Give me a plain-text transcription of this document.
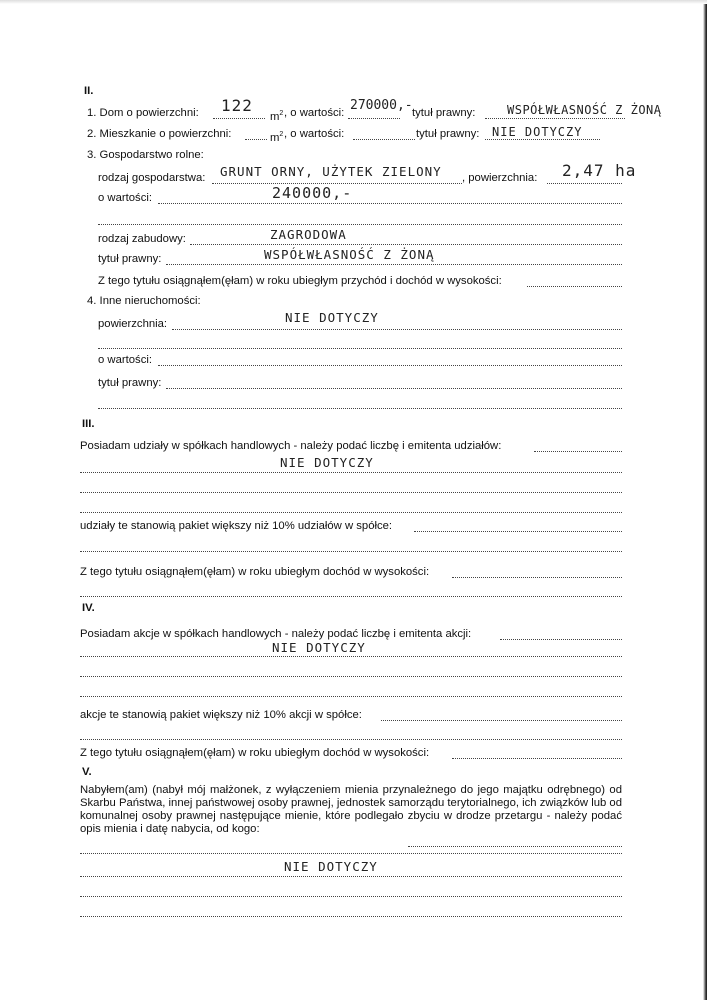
II.
1. Dom o powierzchni: 122
$m^2$ , o wartości: 270000,- tytuł prawny:	WSPÓŁWŁASNOŚĆ Z ŻONĄ
2. Mieszkanie o powierzchni:	$m^2$ , o wartości:	tytuł prawny: NIE DOTYCZY
3. Gospodarstwo rolne:
rodzaj gospodarstwa: GRUNT ORNY, UŻYTEK ZIELONY , powierzchnia: 2,47 ha
o wartości:	240000,-
rodzaj zabudowy:	ZAGRODOWA
tytuł prawny:	WSPÓŁWŁASNOŚĆ Z ŻONĄ
Z tego tytułu osiągnąłem(ęłam) w roku ubiegłym przychód i dochód w wysokości:
4. Inne nieruchomości:
powierzchnia:	NIE DOTYCZY
o wartości:
tytuł prawny:
III.
Posiadam udziały w spółkach handlowych - należy podać liczbę i emitenta udziałów:
NIE DOTYCZY
udziały te stanowią pakiet większy niż 10% udziałów w spółce:
Z tego tytułu osiągnąłem(ęłam) w roku ubiegłym dochód w wysokości:
IV.
Posiadam akcje w spółkach handlowych - należy podać liczbę i emitenta akcji:
NIE DOTYCZY
akcje te stanowią pakiet większy niż 10% akcji w spółce:
Z tego tytułu osiągnąłem(ęłam) w roku ubiegłym dochód w wysokości:
V.
Nabyłem(am) (nabył mój małżonek, z wyłączeniem mienia przynależnego do jego majątku odrębnego) od Skarbu Państwa, innej państwowej osoby prawnej, jednostek samorządu terytorialnego, ich związków lub od komunalnej osoby prawnej następujące mienie, które podlegało zbyciu w drodze przetargu - należy podać opis mienia i datę nabycia, od kogo:
NIE DOTYCZY
